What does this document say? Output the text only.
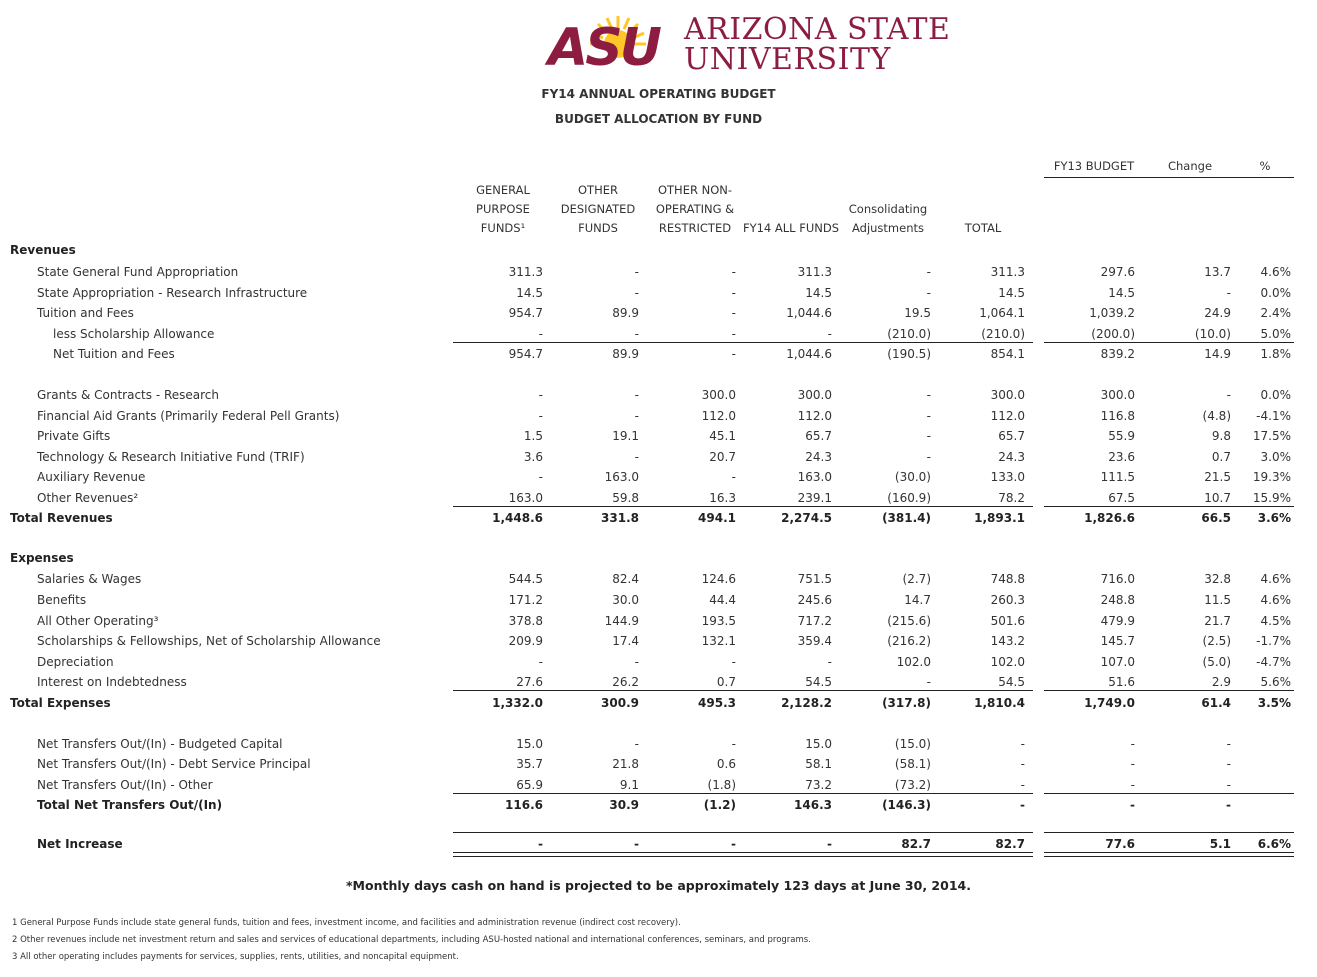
ASU ARIZONA STATE
UNIVERSITY
FY14 ANNUAL OPERATING BUDGET
BUDGET ALLOCATION BY FUND
GENERAL
PURPOSE
FUNDS¹
OTHER
DESIGNATED
FUNDS
OTHER NON-
OPERATING &
RESTRICTED	FY14 ALL FUNDS
Consolidating
Adjustments	TOTAL
FY13 BUDGET	Change	%
Revenues
Expenses
State General Fund Appropriation	311.3	-	-	311.3	-	311.3	297.6	13.7 4.6%
State Appropriation - Research Infrastructure	14.5	-	-	14.5	-	14.5	14.5	- 0.0%
Tuition and Fees	954.7	89.9	-	1,044.6	19.5	1,064.1	1,039.2	24.9 2.4%
less Scholarship Allowance	-	-	-	-	(210.0)	(210.0)	(200.0)	(10.0) 5.0%
Net Tuition and Fees	954.7	89.9	-	1,044.6	(190.5)	854.1	839.2	14.9 1.8%
Grants & Contracts - Research	-	-	300.0	300.0	-	300.0	300.0	- 0.0%
Financial Aid Grants (Primarily Federal Pell Grants)	-	-	112.0	112.0	-	112.0	116.8	(4.8) -4.1%
Private Gifts	1.5	19.1	45.1	65.7	-	65.7	55.9	9.8 17.5%
Technology & Research Initiative Fund (TRIF)	3.6	-	20.7	24.3	-	24.3	23.6	0.7 3.0%
Auxiliary Revenue	-	163.0	-	163.0	(30.0)	133.0	111.5	21.5 19.3%
Other Revenues²	163.0	59.8	16.3	239.1	(160.9)	78.2	67.5	10.7 15.9%
Total Revenues	1,448.6	331.8	494.1	2,274.5	(381.4)	1,893.1	1,826.6	66.5 3.6%
Salaries & Wages	544.5	82.4	124.6	751.5	(2.7)	748.8	716.0	32.8 4.6%
Benefits	171.2	30.0	44.4	245.6	14.7	260.3	248.8	11.5 4.6%
All Other Operating³	378.8	144.9	193.5	717.2	(215.6)	501.6	479.9	21.7 4.5%
Scholarships & Fellowships, Net of Scholarship Allowance	209.9	17.4	132.1	359.4	(216.2)	143.2	145.7	(2.5) -1.7%
Depreciation	-	-	-	-	102.0	102.0	107.0	(5.0) -4.7%
Interest on Indebtedness	27.6	26.2	0.7	54.5	-	54.5	51.6	2.9 5.6%
Total Expenses	1,332.0	300.9	495.3	2,128.2	(317.8)	1,810.4	1,749.0	61.4 3.5%
Net Transfers Out/(In) - Budgeted Capital	15.0	-	-	15.0	(15.0)	-	-	-
Net Transfers Out/(In) - Debt Service Principal	35.7	21.8	0.6	58.1	(58.1)	-	-	-
Net Transfers Out/(In) - Other	65.9	9.1	(1.8)	73.2	(73.2)	-	-	-
Total Net Transfers Out/(In)	116.6	30.9	(1.2)	146.3	(146.3)	-	-	-
Net Increase	-	-	-	-	82.7	82.7	77.6	5.1 6.6%
*Monthly days cash on hand is projected to be approximately 123 days at June 30, 2014.
1 General Purpose Funds include state general funds, tuition and fees, investment income, and facilities and administration revenue (indirect cost recovery).
2 Other revenues include net investment return and sales and services of educational departments, including ASU-hosted national and international conferences, seminars, and programs.
3 All other operating includes payments for services, supplies, rents, utilities, and noncapital equipment.
